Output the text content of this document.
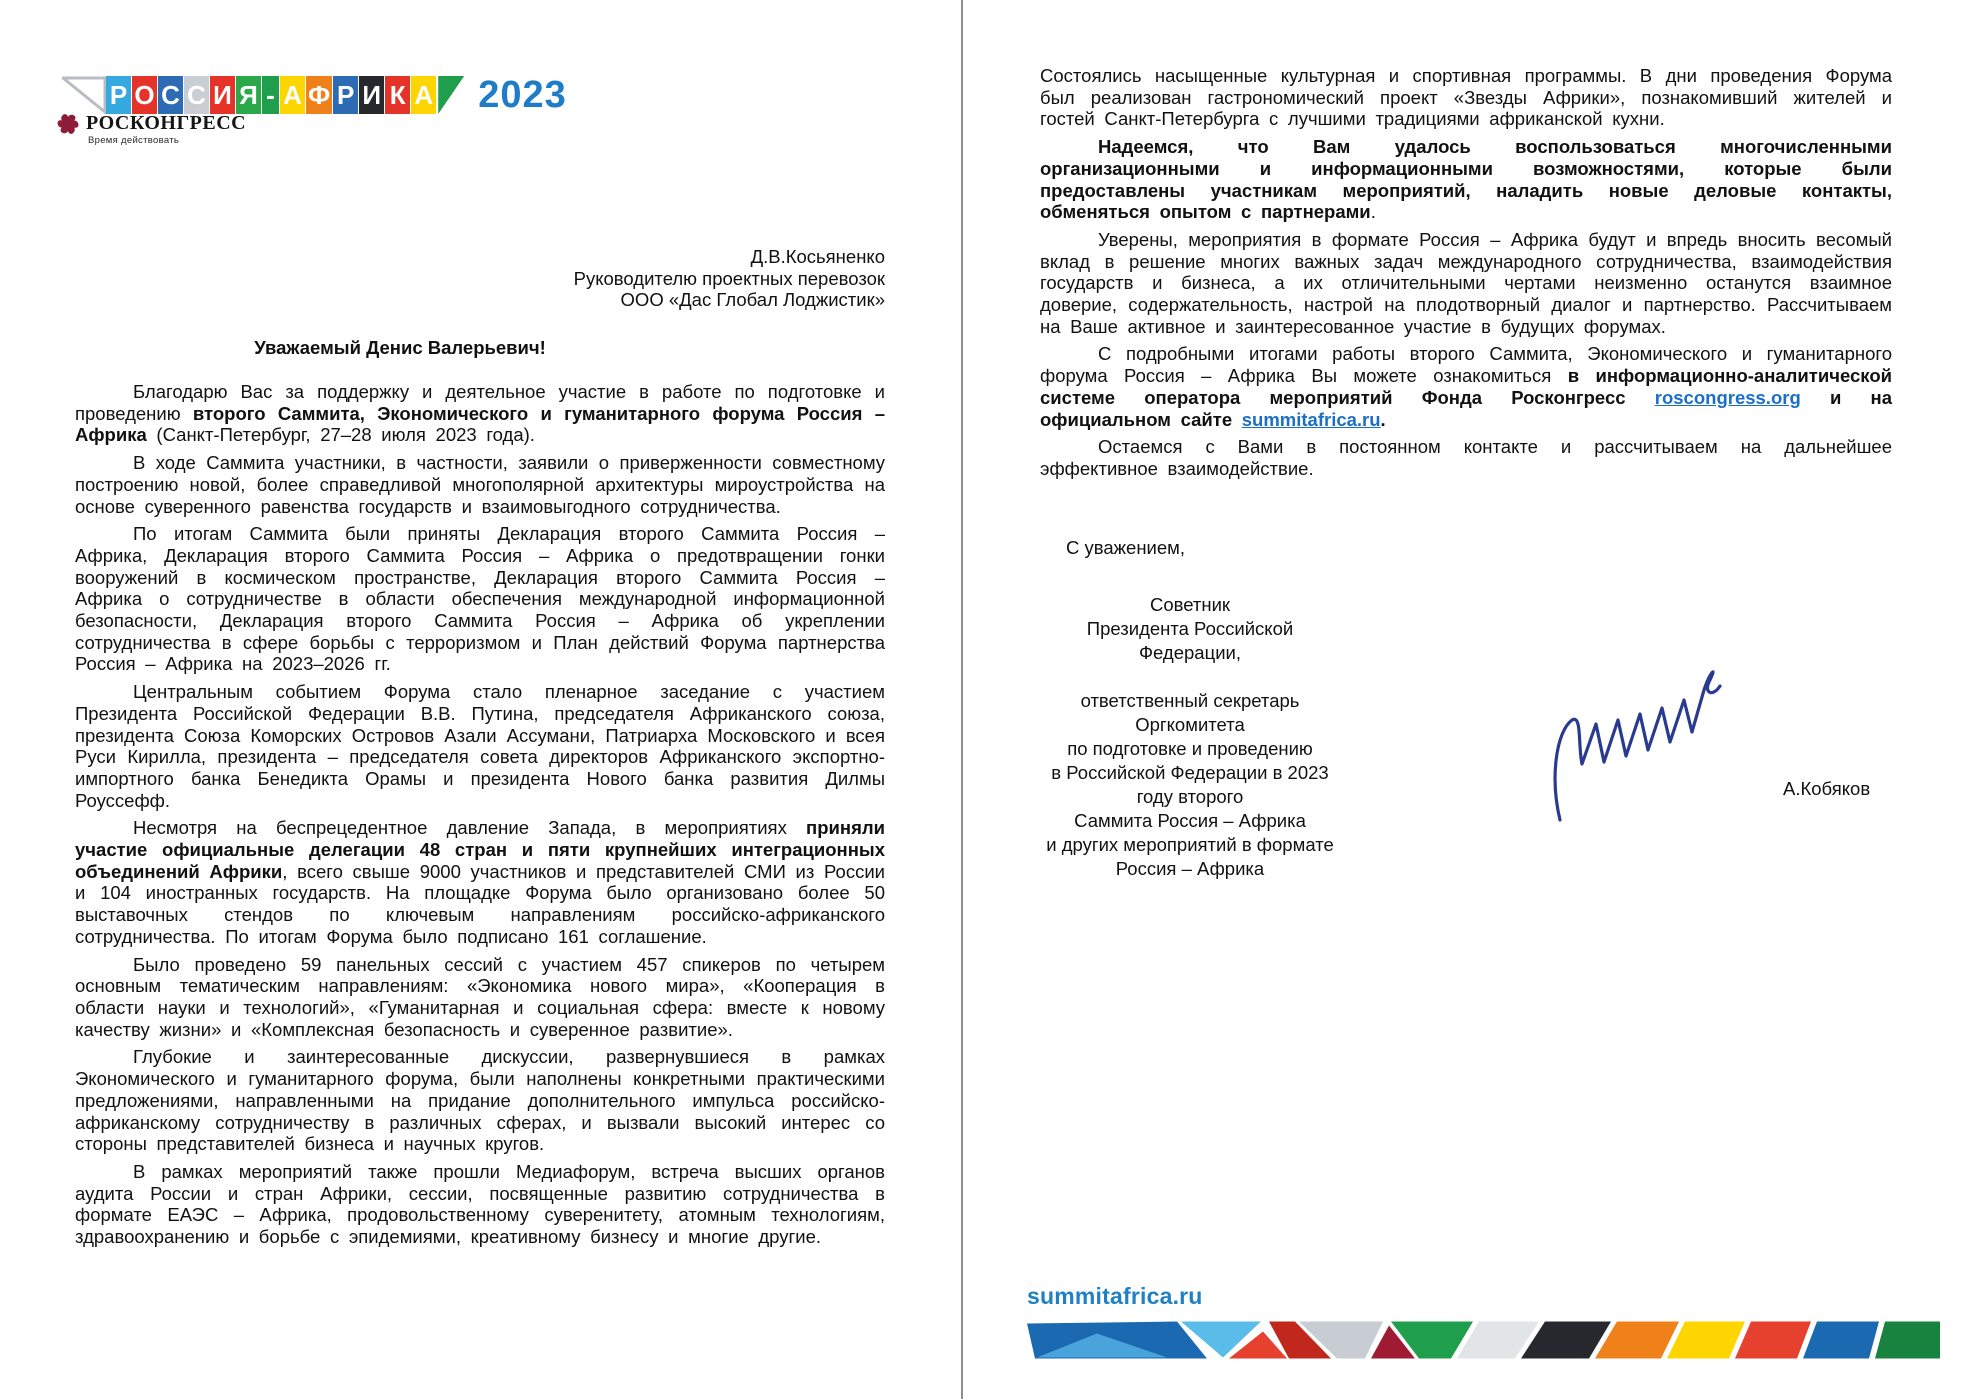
Р О С С И Я - А Ф Р И К А 2023
РОСКОНГРЕСС
Время действовать
Д.В.Косьяненко
Руководителю проектных перевозок
ООО «Дас Глобал Лоджистик»
Уважаемый Денис Валерьевич!

Благодарю Вас за поддержку и деятельное участие в работе по подготовке и проведению второго Саммита, Экономического и гуманитарного форума Россия – Африка (Санкт-Петербург, 27–28 июля 2023 года).

В ходе Саммита участники, в частности, заявили о приверженности совместному построению новой, более справедливой многополярной архитектуры мироустройства на основе суверенного равенства государств и взаимовыгодного сотрудничества.

По итогам Саммита были приняты Декларация второго Саммита Россия – Африка, Декларация второго Саммита Россия – Африка о предотвращении гонки вооружений в космическом пространстве, Декларация второго Саммита Россия – Африка о сотрудничестве в области обеспечения международной информационной безопасности, Декларация второго Саммита Россия – Африка об укреплении сотрудничества в сфере борьбы с терроризмом и План действий Форума партнерства Россия – Африка на 2023–2026 гг.

Центральным событием Форума стало пленарное заседание с участием Президента Российской Федерации В.В. Путина, председателя Африканского союза, президента Союза Коморских Островов Азали Ассумани, Патриарха Московского и всея Руси Кирилла, президента – председателя совета директоров Африканского экспортно-импортного банка Бенедикта Орамы и президента Нового банка развития Дилмы Роуссефф.

Несмотря на беспрецедентное давление Запада, в мероприятиях приняли участие официальные делегации 48 стран и пяти крупнейших интеграционных объединений Африки, всего свыше 9000 участников и представителей СМИ из России и 104 иностранных государств. На площадке Форума было организовано более 50 выставочных стендов по ключевым направлениям российско-африканского сотрудничества. По итогам Форума было подписано 161 соглашение.

Было проведено 59 панельных сессий с участием 457 спикеров по четырем основным тематическим направлениям: «Экономика нового мира», «Кооперация в области науки и технологий», «Гуманитарная и социальная сфера: вместе к новому качеству жизни» и «Комплексная безопасность и суверенное развитие».

Глубокие и заинтересованные дискуссии, развернувшиеся в рамках Экономического и гуманитарного форума, были наполнены конкретными практическими предложениями, направленными на придание дополнительного импульса российско-африканскому сотрудничеству в различных сферах, и вызвали высокий интерес со стороны представителей бизнеса и научных кругов.

В рамках мероприятий также прошли Медиафорум, встреча высших органов аудита России и стран Африки, сессии, посвященные развитию сотрудничества в формате ЕАЭС – Африка, продовольственному суверенитету, атомным технологиям, здравоохранению и борьбе с эпидемиями, креативному бизнесу и многие другие.

Состоялись насыщенные культурная и спортивная программы. В дни проведения Форума был реализован гастрономический проект «Звезды Африки», познакомивший жителей и гостей Санкт-Петербурга с лучшими традициями африканской кухни.

Надеемся, что Вам удалось воспользоваться многочисленными организационными и информационными возможностями, которые были предоставлены участникам мероприятий, наладить новые деловые контакты, обменяться опытом с партнерами.

Уверены, мероприятия в формате Россия – Африка будут и впредь вносить весомый вклад в решение многих важных задач международного сотрудничества, взаимодействия государств и бизнеса, а их отличительными чертами неизменно останутся взаимное доверие, содержательность, настрой на плодотворный диалог и партнерство. Рассчитываем на Ваше активное и заинтересованное участие в будущих форумах.

С подробными итогами работы второго Саммита, Экономического и гуманитарного форума Россия – Африка Вы можете ознакомиться в информационно-аналитической системе оператора мероприятий Фонда Росконгресс roscongress.org и на официальном сайте summitafrica.ru.

Остаемся с Вами в постоянном контакте и рассчитываем на дальнейшее эффективное взаимодействие.

С уважением,
Советник
Президента Российской Федерации,

ответственный секретарь Оргкомитета
по подготовке и проведению
в Российской Федерации в 2023 году второго
Саммита Россия – Африка
и других мероприятий в формате
Россия – Африка
А.Кобяков
summitafrica.ru
